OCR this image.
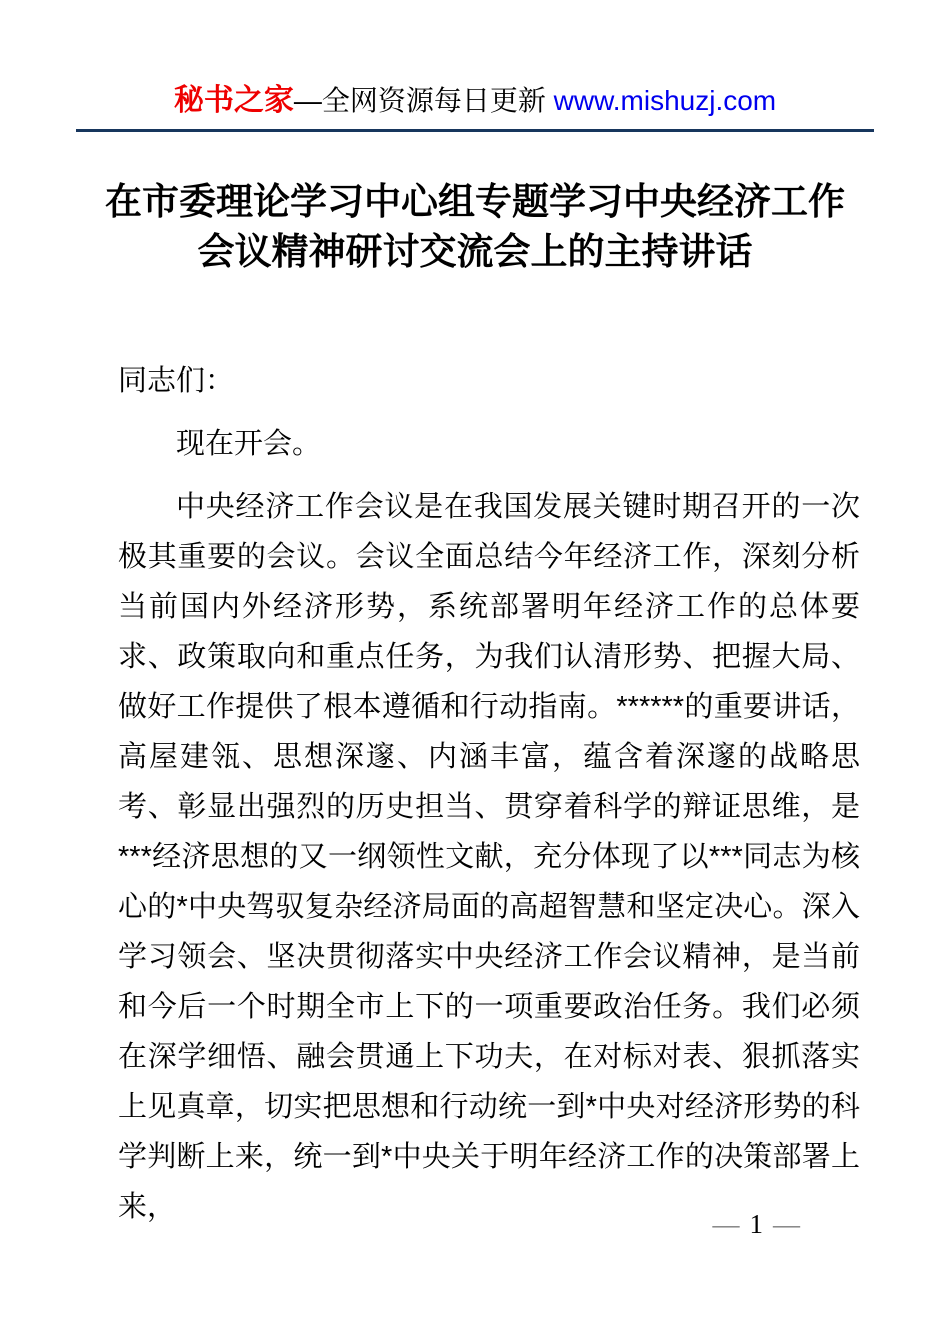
秘书之家—全网资源每日更新 www.mishuzj.com
在市委理论学习中心组专题学习中央经济工作
会议精神研讨交流会上的主持讲话

同志们：

现在开会。

中央经济工作会议是在我国发展关键时期召开的一次极其重要的会议。会议全面总结今年经济工作，深刻分析当前国内外经济形势，系统部署明年经济工作的总体要求、政策取向和重点任务，为我们认清形势、把握大局、做好工作提供了根本遵循和行动指南。******的重要讲话，高屋建瓴、思想深邃、内涵丰富，蕴含着深邃的战略思考、彰显出强烈的历史担当、贯穿着科学的辩证思维，是***经济思想的又一纲领性文献，充分体现了以***同志为核心的*中央驾驭复杂经济局面的高超智慧和坚定决心。深入学习领会、坚决贯彻落实中央经济工作会议精神，是当前和今后一个时期全市上下的一项重要政治任务。我们必须在深学细悟、融会贯通上下功夫，在对标对表、狠抓落实上见真章，切实把思想和行动统一到*中央对经济形势的科学判断上来，统一到*中央关于明年经济工作的决策部署上来，

— 1 —
